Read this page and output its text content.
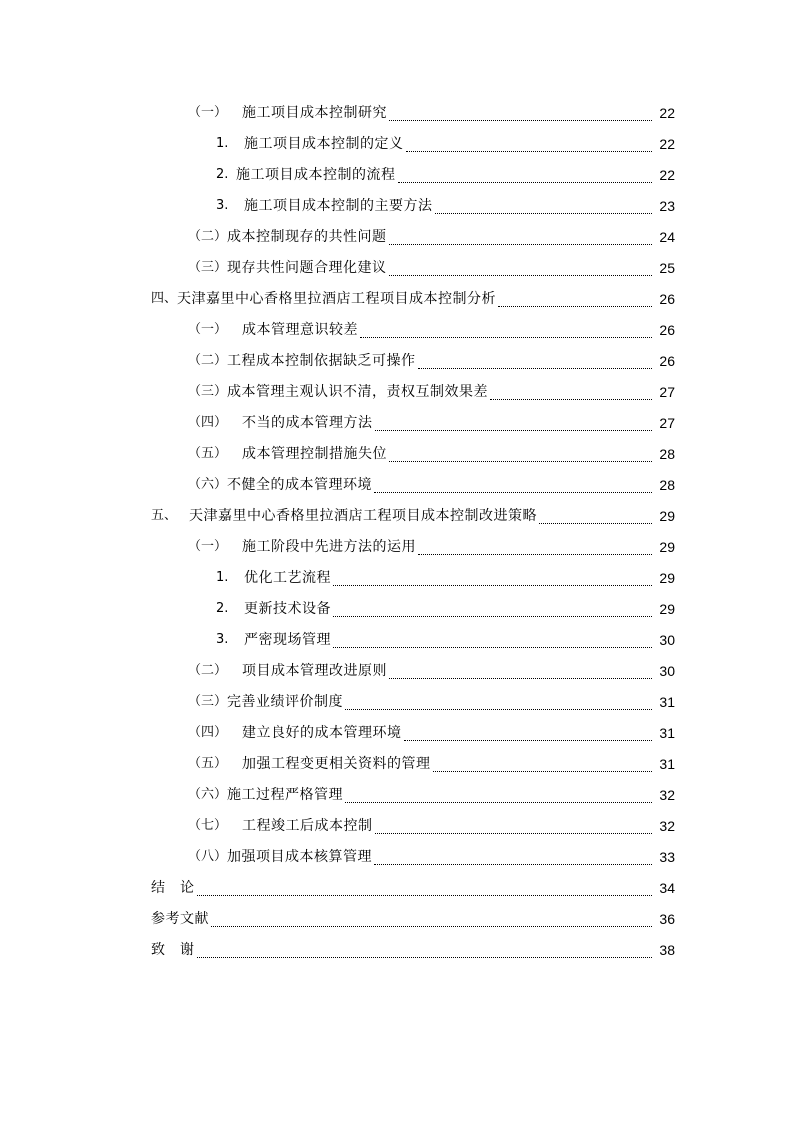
（一）	施工项目成本控制研究	22
1.	施工项目成本控制的定义	22
2. 施工项目成本控制的流程	22
3.	施工项目成本控制的主要方法	23
（二） 成本控制现存的共性问题	24
（三） 现存共性问题合理化建议	25
四、 天津嘉里中心香格里拉酒店工程项目成本控制分析	26
（一）	成本管理意识较差	26
（二） 工程成本控制依据缺乏可操作	26
（三） 成本管理主观认识不清，责权互制效果差	27
（四）	不当的成本管理方法	27
（五）	成本管理控制措施失位	28
（六） 不健全的成本管理环境	28
五、 天津嘉里中心香格里拉酒店工程项目成本控制改进策略	29
（一）	施工阶段中先进方法的运用	29
1.	优化工艺流程	29
2.	更新技术设备	29
3.	严密现场管理	30
（二）	项目成本管理改进原则	30
（三） 完善业绩评价制度	31
（四）	建立良好的成本管理环境	31
（五）	加强工程变更相关资料的管理	31
（六） 施工过程严格管理	32
（七）	工程竣工后成本控制	32
（八） 加强项目成本核算管理	33
结　论	34
参考文献	36
致　谢	38
